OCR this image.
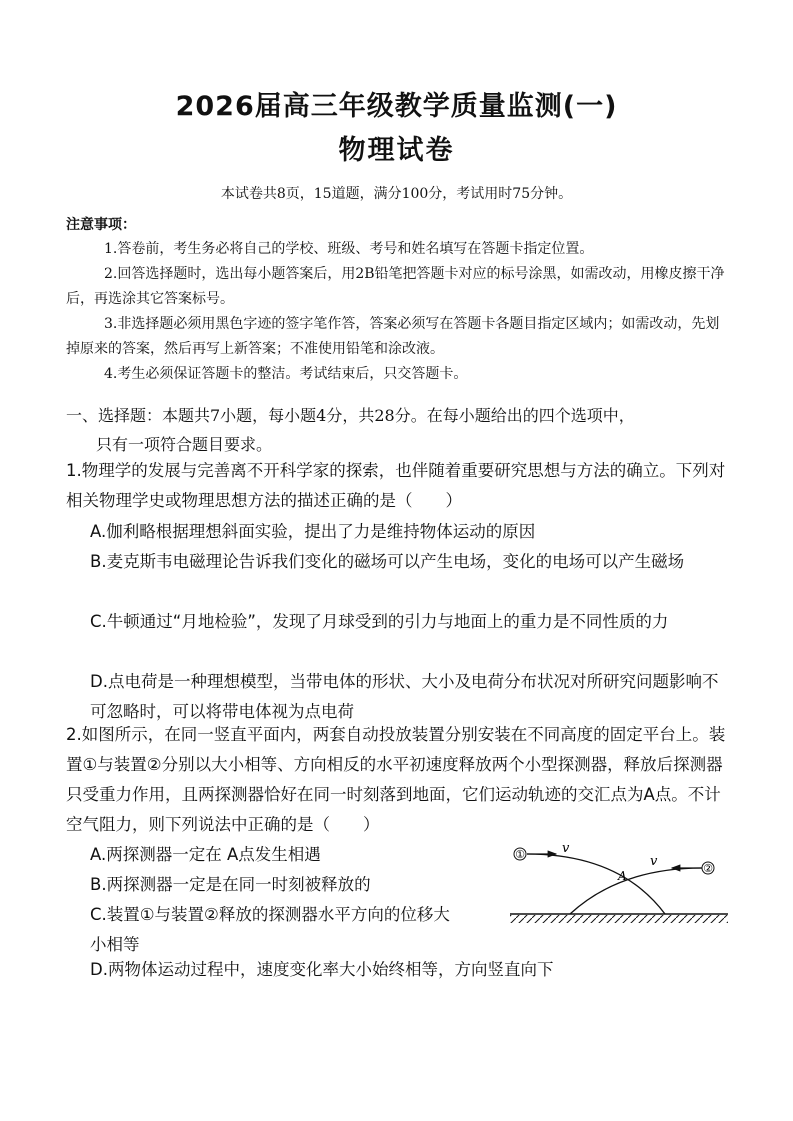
2026届高三年级教学质量监测(一)
物理试卷
本试卷共8页，15道题，满分100分，考试用时75分钟。
注意事项：
1.答卷前，考生务必将自己的学校、班级、考号和姓名填写在答题卡指定位置。
2.回答选择题时，选出每小题答案后，用2B铅笔把答题卡对应的标号涂黑，如需改动，用橡皮擦干净后，再选涂其它答案标号。
3.非选择题必须用黑色字迹的签字笔作答，答案必须写在答题卡各题目指定区域内；如需改动，先划掉原来的答案，然后再写上新答案；不准使用铅笔和涂改液。
4.考生必须保证答题卡的整洁。考试结束后，只交答题卡。
一、选择题：本题共7小题，每小题4分，共28分。在每小题给出的四个选项中，
只有一项符合题目要求。
1.物理学的发展与完善离不开科学家的探索，也伴随着重要研究思想与方法的确立。下列对相关物理学史或物理思想方法的描述正确的是（　　）
A.伽利略根据理想斜面实验，提出了力是维持物体运动的原因
B.麦克斯韦电磁理论告诉我们变化的磁场可以产生电场，变化的电场可以产生磁场
C.牛顿通过“月地检验”，发现了月球受到的引力与地面上的重力是不同性质的力
D.点电荷是一种理想模型，当带电体的形状、大小及电荷分布状况对所研究问题影响不可忽略时，可以将带电体视为点电荷
2.如图所示，在同一竖直平面内，两套自动投放装置分别安装在不同高度的固定平台上。装置①与装置②分别以大小相等、方向相反的水平初速度释放两个小型探测器，释放后探测器只受重力作用，且两探测器恰好在同一时刻落到地面，它们运动轨迹的交汇点为A点。不计空气阻力，则下列说法中正确的是（　　）
A.两探测器一定在 A点发生相遇
B.两探测器一定是在同一时刻被释放的
C.装置①与装置②释放的探测器水平方向的位移大
小相等
D.两物体运动过程中，速度变化率大小始终相等，方向竖直向下
①
②
v
v
A
